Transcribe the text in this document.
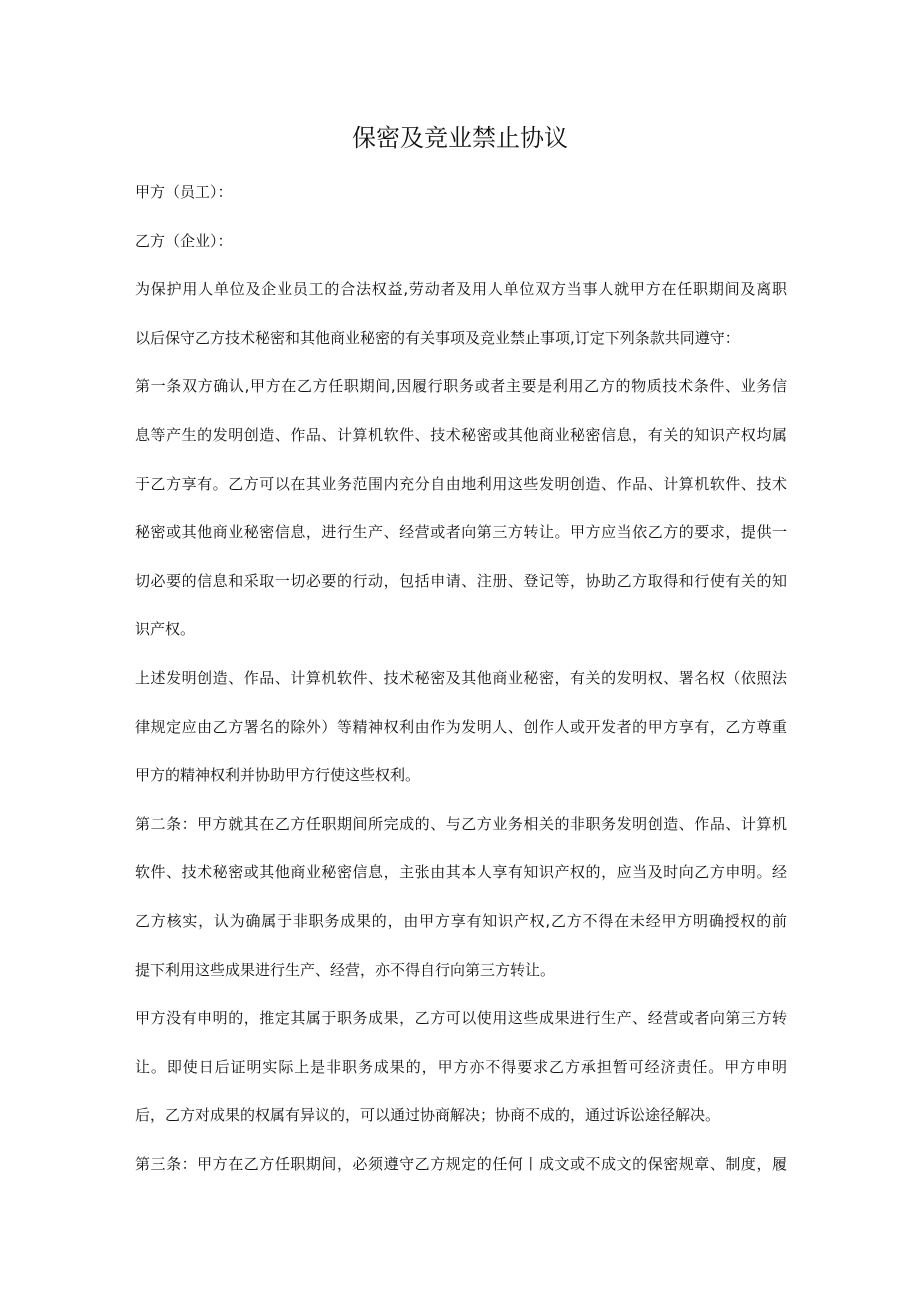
保密及竞业禁止协议
甲方（员工）：
乙方（企业）：
为保护用人单位及企业员工的合法权益,劳动者及用人单位双方当事人就甲方在任职期间及离职
以后保守乙方技术秘密和其他商业秘密的有关事项及竞业禁止事项,订定下列条款共同遵守：
第一条双方确认,甲方在乙方任职期间,因履行职务或者主要是利用乙方的物质技术条件、业务信
息等产生的发明创造、作品、计算机软件、技术秘密或其他商业秘密信息，有关的知识产权均属
于乙方享有。乙方可以在其业务范围内充分自由地利用这些发明创造、作品、计算机软件、技术
秘密或其他商业秘密信息，进行生产、经营或者向第三方转让。甲方应当依乙方的要求，提供一
切必要的信息和采取一切必要的行动，包括申请、注册、登记等，协助乙方取得和行使有关的知
识产权。
上述发明创造、作品、计算机软件、技术秘密及其他商业秘密，有关的发明权、署名权（依照法
律规定应由乙方署名的除外）等精神权利由作为发明人、创作人或开发者的甲方享有，乙方尊重
甲方的精神权利并协助甲方行使这些权利。
第二条：甲方就其在乙方任职期间所完成的、与乙方业务相关的非职务发明创造、作品、计算机
软件、技术秘密或其他商业秘密信息，主张由其本人享有知识产权的，应当及时向乙方申明。经
乙方核实，认为确属于非职务成果的，由甲方享有知识产权,乙方不得在未经甲方明确授权的前
提下利用这些成果进行生产、经营，亦不得自行向第三方转让。
甲方没有申明的，推定其属于职务成果，乙方可以使用这些成果进行生产、经营或者向第三方转
让。即使日后证明实际上是非职务成果的，甲方亦不得要求乙方承担暂可经济责任。甲方申明
后，乙方对成果的权属有异议的，可以通过协商解决；协商不成的，通过诉讼途径解决。
第三条：甲方在乙方任职期间，必须遵守乙方规定的任何丨成文或不成文的保密规章、制度，履
